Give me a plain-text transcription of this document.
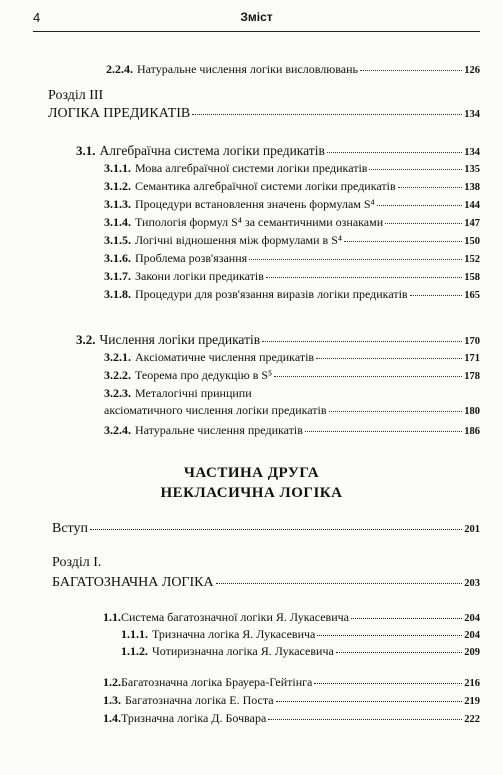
4	Зміст
2.2.4. Натуральне числення логіки висловлювань	126
Розділ III
ЛОГІКА ПРЕДИКАТІВ	134
3.1. Алгебраїчна система логіки предикатів	134
3.1.1. Мова алгебраїчної системи логіки предикатів	135
3.1.2. Семантика алгебраїчної системи логіки предикатів	138
3.1.3. Процедури встановлення значень формулам S⁴	144
3.1.4. Типологія формул S⁴ за семантичними ознаками	147
3.1.5. Логічні відношення між формулами в S⁴	150
3.1.6. Проблема розв'язання	152
3.1.7. Закони логіки предикатів	158
3.1.8. Процедури для розв'язання виразів логіки предикатів	165
3.2. Числення логіки предикатів	170
3.2.1. Аксіоматичне числення предикатів	171
3.2.2. Теорема про дедукцію в S⁵	178
3.2.3. Металогічні принципи
аксіоматичного числення логіки предикатів	180
3.2.4. Натуральне числення предикатів	186
ЧАСТИНА ДРУГА
НЕКЛАСИЧНА ЛОГІКА
Вступ	201
Розділ І.
БАГАТОЗНАЧНА ЛОГІКА	203
1.1. Система багатозначної логіки Я. Лукасевича	204
1.1.1. Тризначна логіка Я. Лукасевича	204
1.1.2. Чотиризначна логіка Я. Лукасевича	209
1.2. Багатозначна логіка Брауера-Гейтінга	216
1.3. Багатозначна логіка Е. Поста	219
1.4. Тризначна логіка Д. Бочвара	222
